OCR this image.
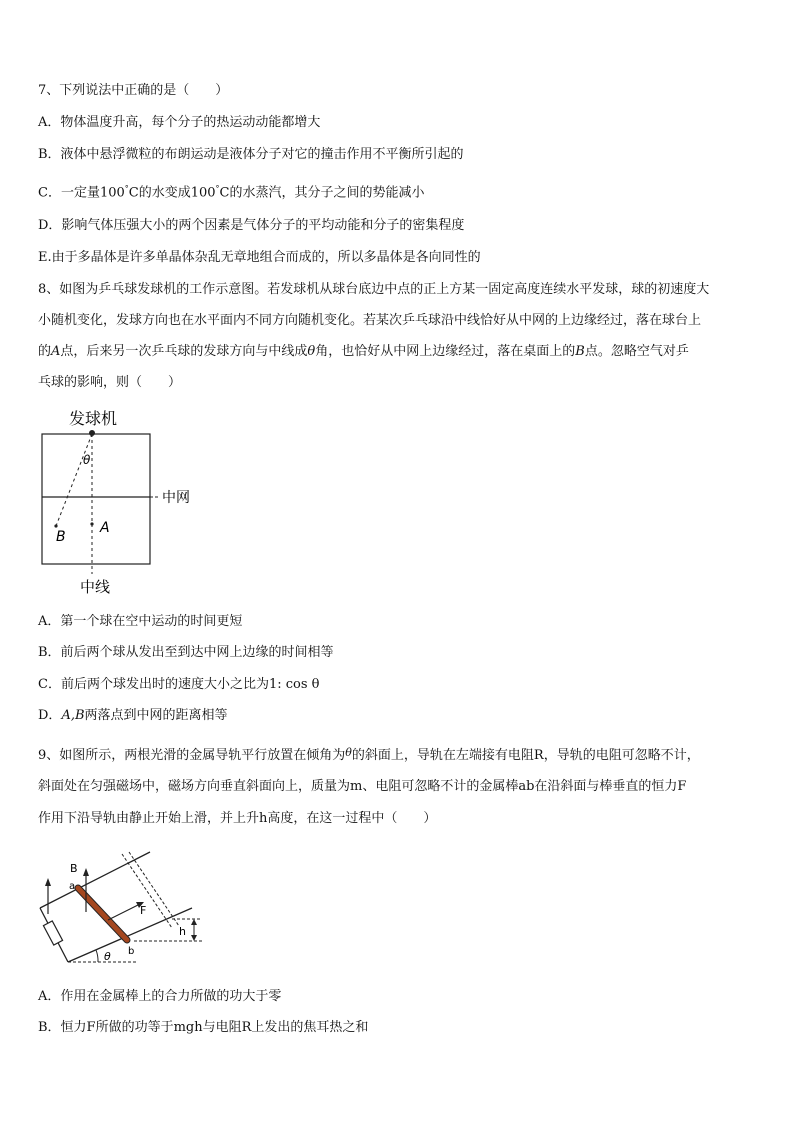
7、下列说法中正确的是（　　）
A．物体温度升高，每个分子的热运动动能都增大
B．液体中悬浮微粒的布朗运动是液体分子对它的撞击作用不平衡所引起的
C．一定量100°C的水变成100°C的水蒸汽，其分子之间的势能减小
D．影响气体压强大小的两个因素是气体分子的平均动能和分子的密集程度
E.由于多晶体是许多单晶体杂乱无章地组合而成的，所以多晶体是各向同性的
8、如图为乒乓球发球机的工作示意图。若发球机从球台底边中点的正上方某一固定高度连续水平发球，球的初速度大
小随机变化，发球方向也在水平面内不同方向随机变化。若某次乒乓球沿中线恰好从中网的上边缘经过，落在球台上
的A点，后来另一次乒乓球的发球方向与中线成θ角，也恰好从中网上边缘经过，落在桌面上的B点。忽略空气对乒
乓球的影响，则（　　）
发球机
中网
θ
A
B
中线
A．第一个球在空中运动的时间更短
B．前后两个球从发出至到达中网上边缘的时间相等
C．前后两个球发出时的速度大小之比为1: cos θ
D．A,B两落点到中网的距离相等
9、如图所示，两根光滑的金属导轨平行放置在倾角为$^\theta$的斜面上，导轨在左端接有电阻R，导轨的电阻可忽略不计，
斜面处在匀强磁场中，磁场方向垂直斜面向上，质量为m、电阻可忽略不计的金属棒ab在沿斜面与棒垂直的恒力F
作用下沿导轨由静止开始上滑，并上升h高度，在这一过程中（　　）
B
F
a
b
h
θ
A．作用在金属棒上的合力所做的功大于零
B．恒力F所做的功等于mgh与电阻R上发出的焦耳热之和
